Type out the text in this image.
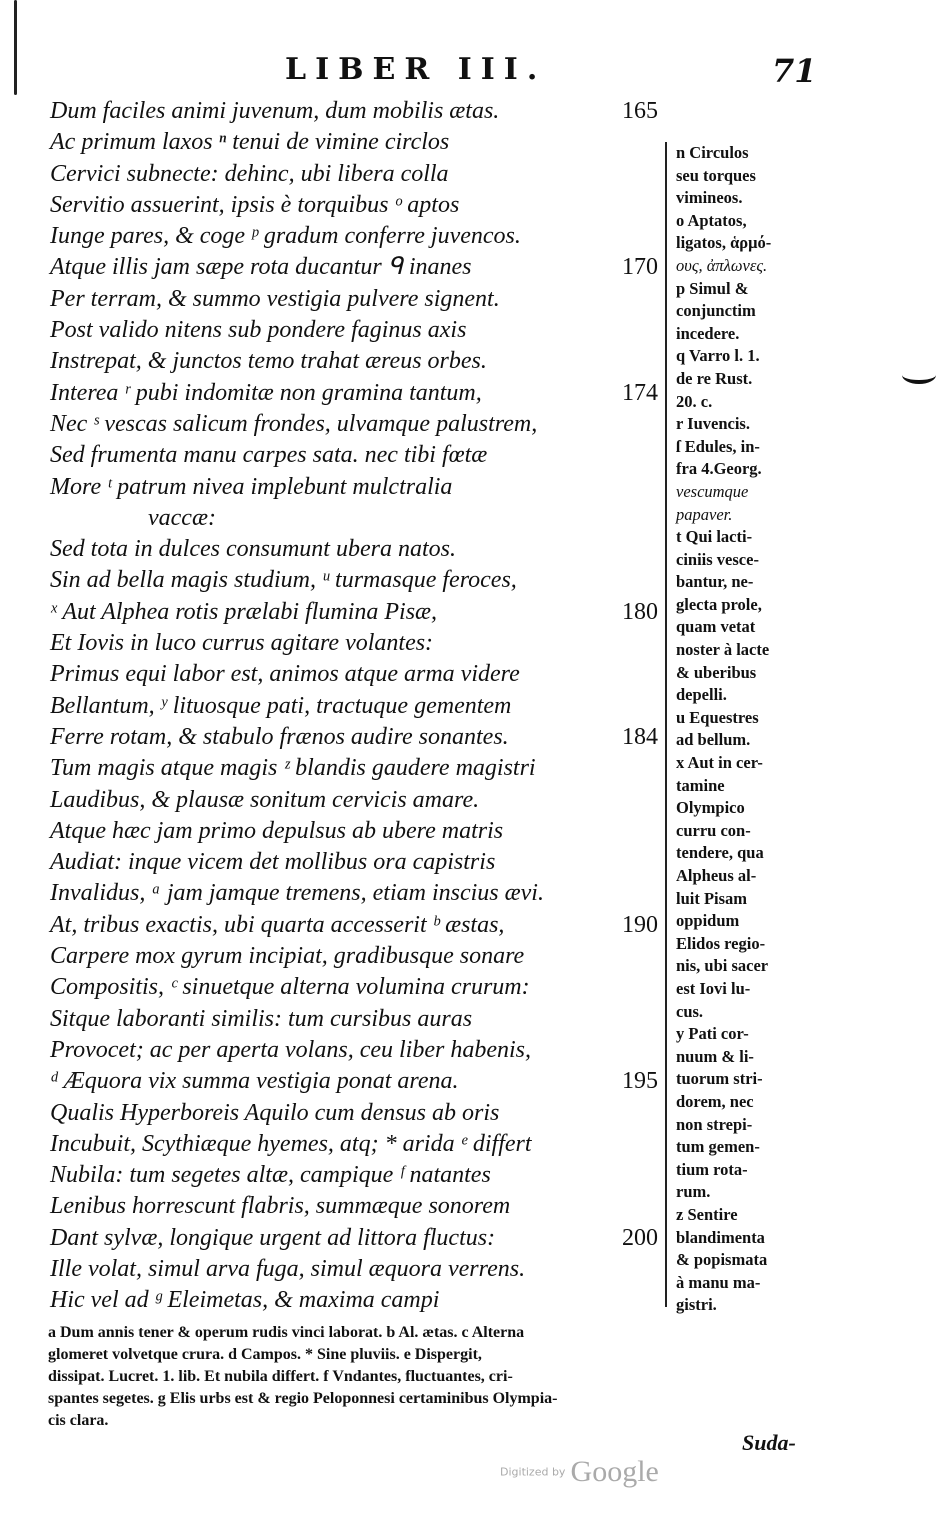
LIBER III.	71
Dum faciles animi juvenum, dum mobilis ætas.	165
Ac primum laxos ⁿ tenui de vimine circlos
Cervici subnecte: dehinc, ubi libera colla
Servitio assuerint, ipsis è torquibus ᵒ aptos
Iunge pares, & coge ᵖ gradum conferre juvencos.
Atque illis jam sæpe rota ducantur ᑫ inanes	170
Per terram, & summo vestigia pulvere signent.
Post valido nitens sub pondere faginus axis
Instrepat, & junctos temo trahat æreus orbes.
Interea ʳ pubi indomitæ non gramina tantum,	174
Nec ˢ vescas salicum frondes, ulvamque palustrem,
Sed frumenta manu carpes sata. nec tibi fœtæ
More ᵗ patrum nivea implebunt mulctralia
vaccæ:
Sed tota in dulces consumunt ubera natos.
Sin ad bella magis studium, ᵘ turmasque feroces,
ˣ Aut Alphea rotis prælabi flumina Pisæ,	180
Et Iovis in luco currus agitare volantes:
Primus equi labor est, animos atque arma videre
Bellantum, ʸ lituosque pati, tractuque gementem
Ferre rotam, & stabulo frænos audire sonantes.	184
Tum magis atque magis ᶻ blandis gaudere magistri
Laudibus, & plausæ sonitum cervicis amare.
Atque hæc jam primo depulsus ab ubere matris
Audiat: inque vicem det mollibus ora capistris
Invalidus, ᵃ jam jamque tremens, etiam inscius ævi.
At, tribus exactis, ubi quarta accesserit ᵇ æstas,	190
Carpere mox gyrum incipiat, gradibusque sonare
Compositis, ᶜ sinuetque alterna volumina crurum:
Sitque laboranti similis: tum cursibus auras
Provocet; ac per aperta volans, ceu liber habenis,
ᵈ Æquora vix summa vestigia ponat arena.	195
Qualis Hyperboreis Aquilo cum densus ab oris
Incubuit, Scythiæque hyemes, atq; * arida ᵉ differt
Nubila: tum segetes altæ, campique ᶠ natantes
Lenibus horrescunt flabris, summæque sonorem
Dant sylvæ, longique urgent ad littora fluctus:	200
Ille volat, simul arva fuga, simul æquora verrens.
Hic vel ad ᵍ Eleimetas, & maxima campi
n Circulos
seu torques
vimineos.
o Aptatos,
ligatos, ἁρμό-
ους, ἀπλωνες.
p Simul &
conjunctim
incedere.
q Varro l. 1.
de re Rust.
20. c.
r Iuvencis.
ſ Edules, in-
fra 4.Georg.
vescumque
papaver.
t Qui lacti-
ciniis vesce-
bantur, ne-
glecta prole,
quam vetat
noster à lacte
& uberibus
depelli.
u Equestres
ad bellum.
x Aut in cer-
tamine
Olympico
curru con-
tendere, qua
Alpheus al-
luit Pisam
oppidum
Elidos regio-
nis, ubi sacer
est Iovi lu-
cus.
y Pati cor-
nuum & li-
tuorum stri-
dorem, nec
non strepi-
tum gemen-
tium rota-
rum.
z Sentire
blandimenta
& popismata
à manu ma-
gistri.
a Dum annis tener & operum rudis vinci laborat. b Al. ætas. c Alterna
glomeret volvetque crura. d Campos. * Sine pluviis. e Dispergit,
dissipat. Lucret. 1. lib. Et nubila differt. f Vndantes, fluctuantes, cri-
spantes segetes. g Elis urbs est & regio Peloponnesi certaminibus Olympia-
cis clara.
Suda-
Digitized by Google
